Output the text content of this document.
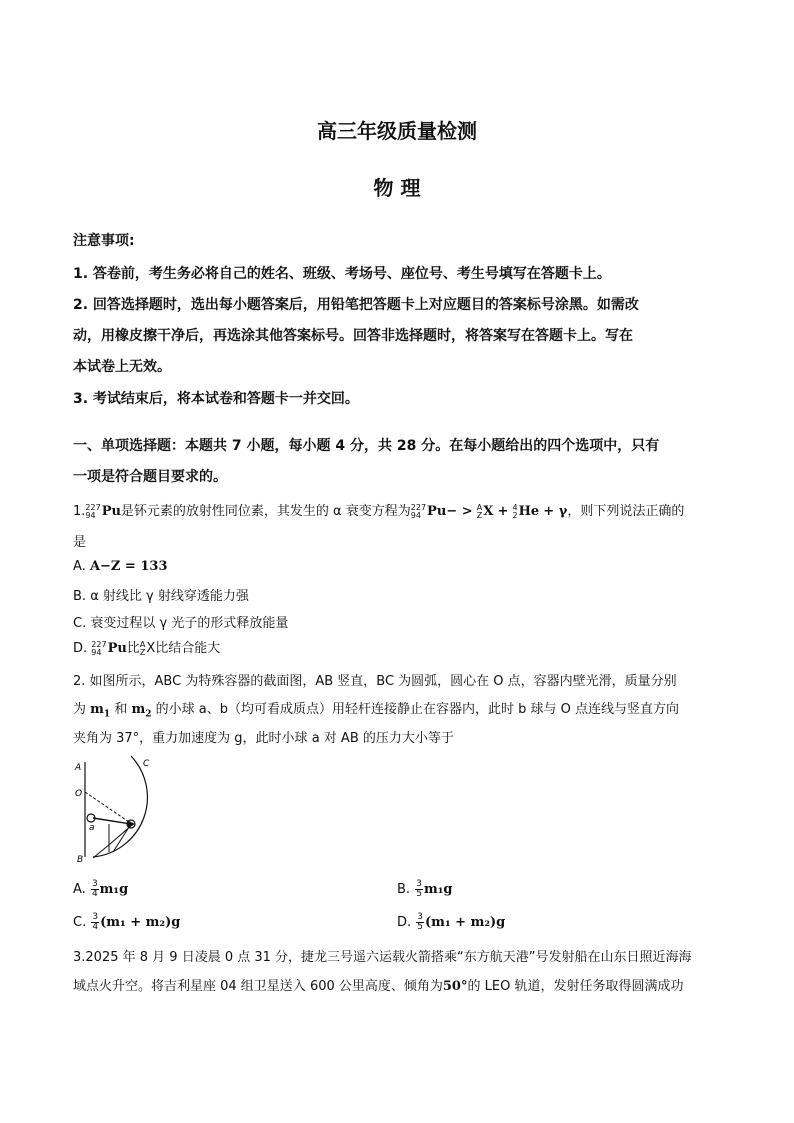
高三年级质量检测
物 理
注意事项:
1. 答卷前，考生务必将自己的姓名、班级、考场号、座位号、考生号填写在答题卡上。
2. 回答选择题时，选出每小题答案后，用铅笔把答题卡上对应题目的答案标号涂黑。如需改
动，用橡皮擦干净后，再选涂其他答案标号。回答非选择题时，将答案写在答题卡上。写在
本试卷上无效。
3. 考试结束后，将本试卷和答题卡一并交回。
一、单项选择题：本题共 7 小题，每小题 4 分，共 28 分。在每小题给出的四个选项中，只有
一项是符合题目要求的。
1. 227
94 Pu是钚元素的放射性同位素，其发生的 α 衰变方程为 227
94 Pu− > A
Z X + 4
2 He + γ，则下列说法正确的
是
A. A−Z = 133
B. α 射线比 γ 射线穿透能力强
C. 衰变过程以 γ 光子的形式释放能量
D. 227
94 Pu比 A
Z X比结合能大
2. 如图所示，ABC 为特殊容器的截面图，AB 竖直，BC 为圆弧，圆心在 O 点，容器内壁光滑，质量分别
为 $m_1$ 和 $m_2$ 的小球 a、b（均可看成质点）用轻杆连接静止在容器内，此时 b 球与 O 点连线与竖直方向
夹角为 37°，重力加速度为 g，此时小球 a 对 AB 的压力大小等于
A
O
a
B
C
A. $\frac{3}{4} m_1g$	B. $\frac{3}{5} m_1g$
C. $\frac{3}{4} (m_1 + m_2)g$	D. $\frac{3}{5} (m_1 + m_2)g$
3.2025 年 8 月 9 日凌晨 0 点 31 分，捷龙三号遥六运载火箭搭乘“东方航天港”号发射船在山东日照近海海
域点火升空。将吉利星座 04 组卫星送入 600 公里高度、倾角为50°的 LEO 轨道，发射任务取得圆满成功
